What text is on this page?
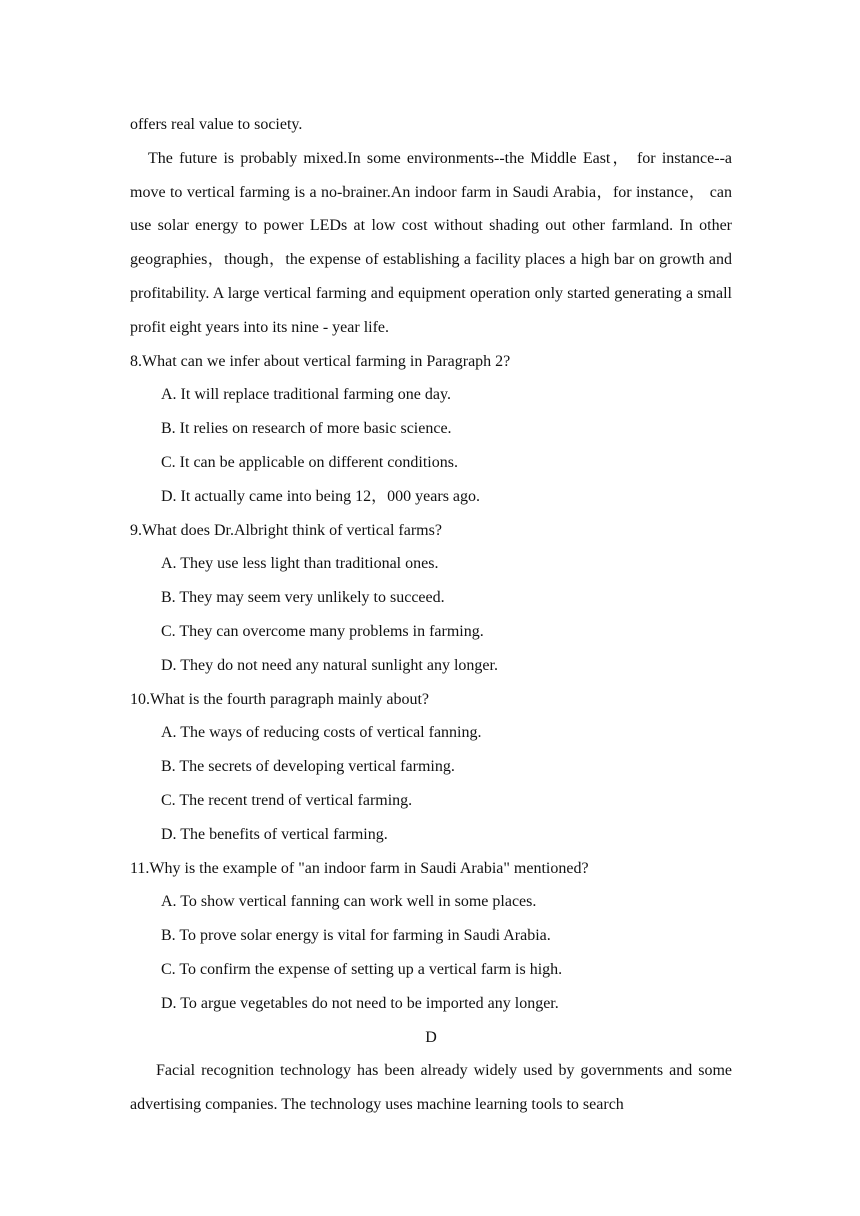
offers real value to society.

The future is probably mixed.In some environments--the Middle East， for instance--a move to vertical farming is a no-brainer.An indoor farm in Saudi Arabia，for instance， can use solar energy to power LEDs at low cost without shading out other farmland. In other geographies，though，the expense of establishing a facility places a high bar on growth and profitability. A large vertical farming and equipment operation only started generating a small profit eight years into its nine - year life.

8.What can we infer about vertical farming in Paragraph 2?

A. It will replace traditional farming one day.

B. It relies on research of more basic science.

C. It can be applicable on different conditions.

D. It actually came into being 12，000 years ago.

9.What does Dr.Albright think of vertical farms?

A. They use less light than traditional ones.

B. They may seem very unlikely to succeed.

C. They can overcome many problems in farming.

D. They do not need any natural sunlight any longer.

10.What is the fourth paragraph mainly about?

A. The ways of reducing costs of vertical fanning.

B. The secrets of developing vertical farming.

C. The recent trend of vertical farming.

D. The benefits of vertical farming.

11.Why is the example of "an indoor farm in Saudi Arabia" mentioned?

A. To show vertical fanning can work well in some places.

B. To prove solar energy is vital for farming in Saudi Arabia.

C. To confirm the expense of setting up a vertical farm is high.

D. To argue vegetables do not need to be imported any longer.

D

Facial recognition technology has been already widely used by governments and some advertising companies. The technology uses machine learning tools to search
